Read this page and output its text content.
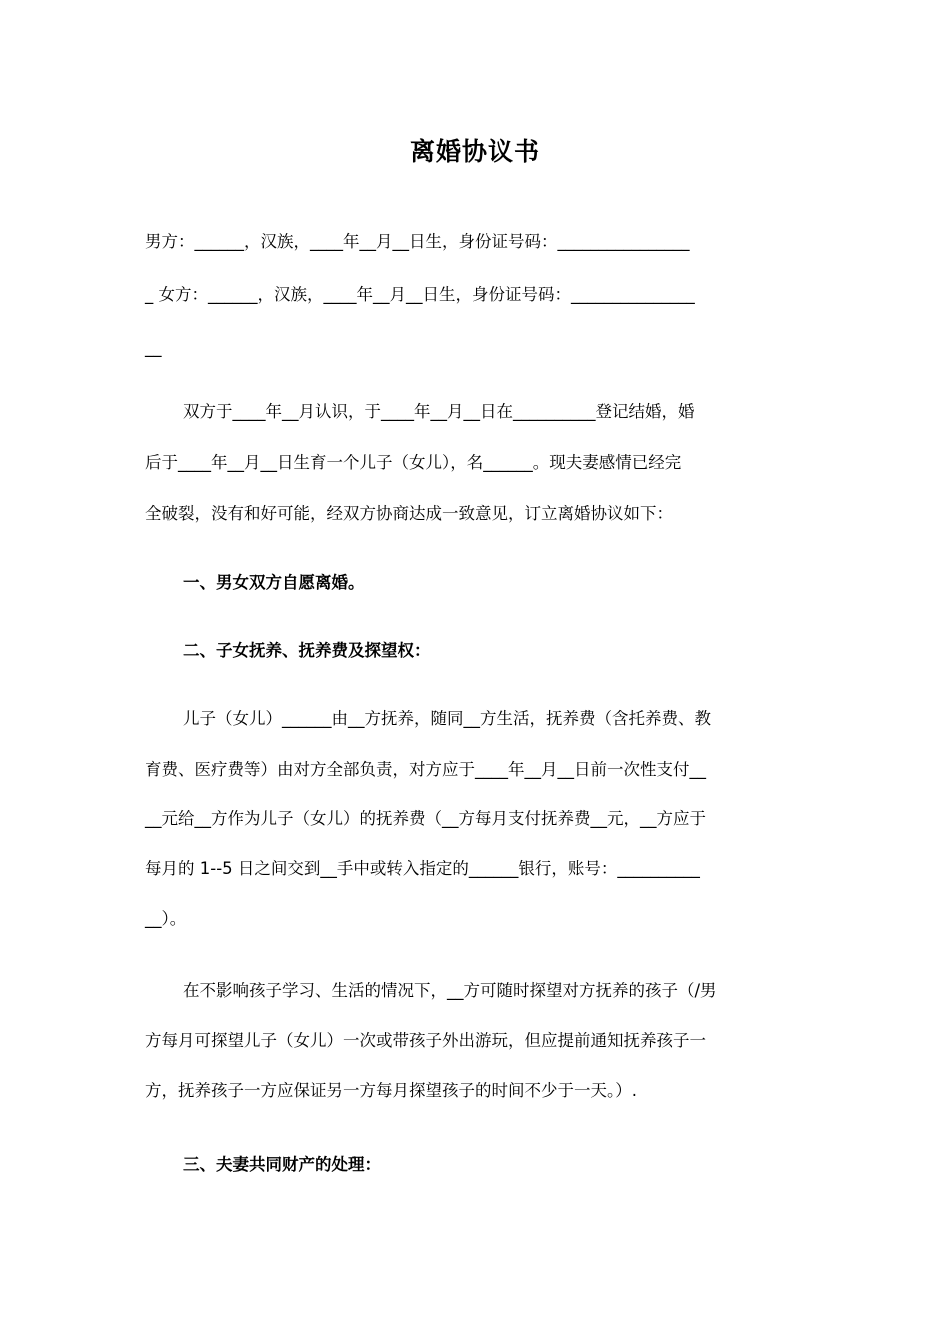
离婚协议书
男方：______，汉族，____年__月__日生，身份证号码：________________
_ 女方：______，汉族，____年__月__日生，身份证号码：_______________
__
双方于____年__月认识，于____年__月__日在__________登记结婚，婚
后于____年__月__日生育一个儿子（女儿），名______。现夫妻感情已经完
全破裂，没有和好可能，经双方协商达成一致意见，订立离婚协议如下：
一、男女双方自愿离婚。
二、子女抚养、抚养费及探望权：
儿子（女儿）______由__方抚养，随同__方生活，抚养费（含托养费、教
育费、医疗费等）由对方全部负责，对方应于____年__月__日前一次性支付__
__元给__方作为儿子（女儿）的抚养费（__方每月支付抚养费__元，__方应于
每月的 1--5 日之间交到__手中或转入指定的______银行，账号：__________
__）。
在不影响孩子学习、生活的情况下，__方可随时探望对方抚养的孩子（/男
方每月可探望儿子（女儿）一次或带孩子外出游玩，但应提前通知抚养孩子一
方，抚养孩子一方应保证另一方每月探望孩子的时间不少于一天。）.
三、夫妻共同财产的处理：
